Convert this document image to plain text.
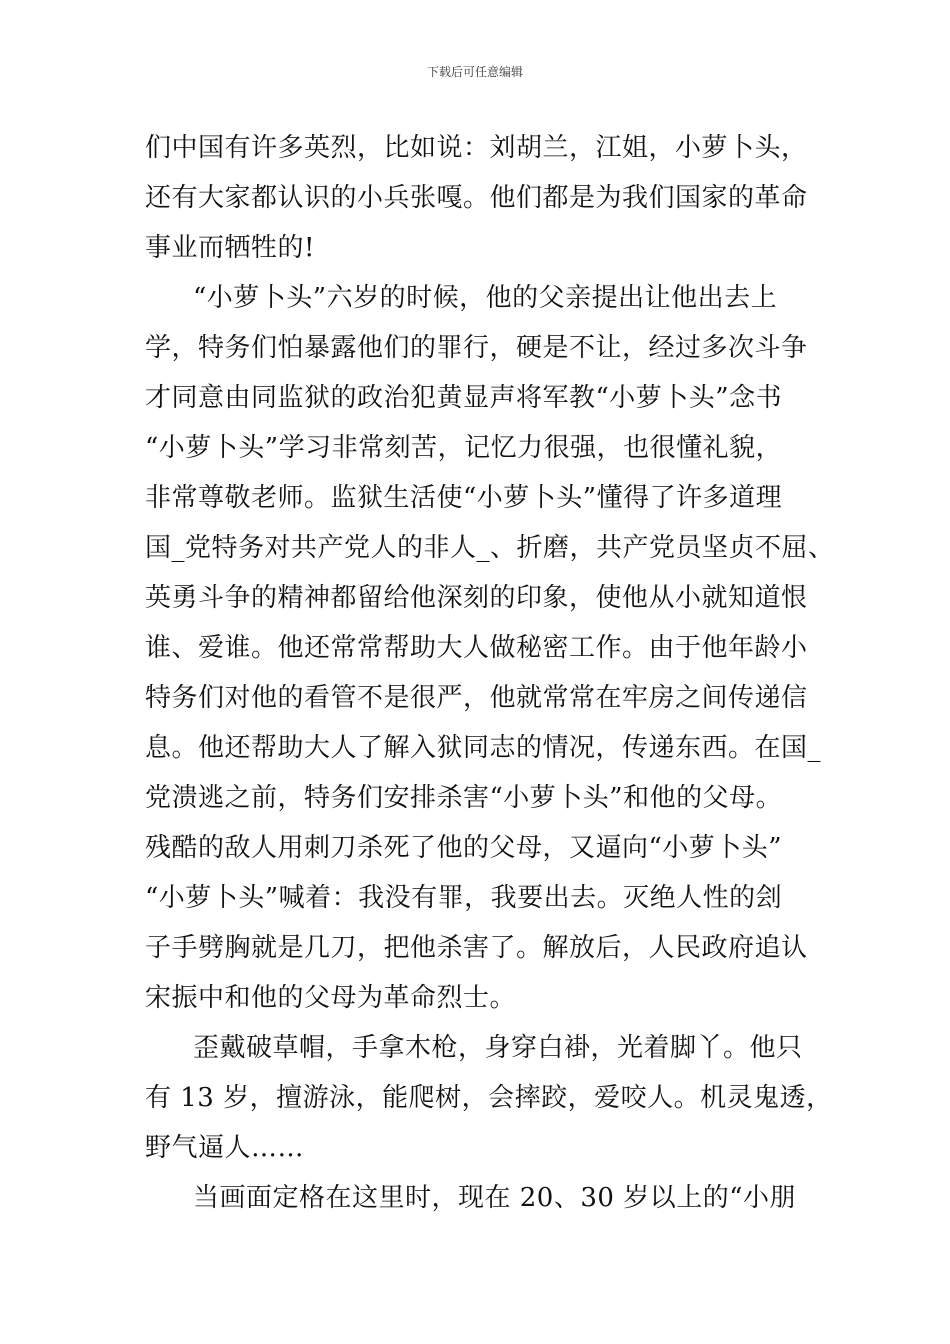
下载后可任意编辑
们中国有许多英烈，比如说：刘胡兰，江姐，小萝卜头，
还有大家都认识的小兵张嘎。他们都是为我们国家的革命
事业而牺牲的!
“小萝卜头”六岁的时候，他的父亲提出让他出去上
学，特务们怕暴露他们的罪行，硬是不让，经过多次斗争
才同意由同监狱的政治犯黄显声将军教“小萝卜头”念书
“小萝卜头”学习非常刻苦，记忆力很强，也很懂礼貌，
非常尊敬老师。监狱生活使“小萝卜头”懂得了许多道理
国_党特务对共产党人的非人_、折磨，共产党员坚贞不屈、
英勇斗争的精神都留给他深刻的印象，使他从小就知道恨
谁、爱谁。他还常常帮助大人做秘密工作。由于他年龄小
特务们对他的看管不是很严，他就常常在牢房之间传递信
息。他还帮助大人了解入狱同志的情况，传递东西。在国_
党溃逃之前，特务们安排杀害“小萝卜头”和他的父母。
残酷的敌人用刺刀杀死了他的父母，又逼向“小萝卜头”
“小萝卜头”喊着：我没有罪，我要出去。灭绝人性的刽
子手劈胸就是几刀，把他杀害了。解放后，人民政府追认
宋振中和他的父母为革命烈士。
歪戴破草帽，手拿木枪，身穿白褂，光着脚丫。他只
有 13 岁，擅游泳，能爬树，会摔跤，爱咬人。机灵鬼透，
野气逼人……
当画面定格在这里时，现在 20、30 岁以上的“小朋
